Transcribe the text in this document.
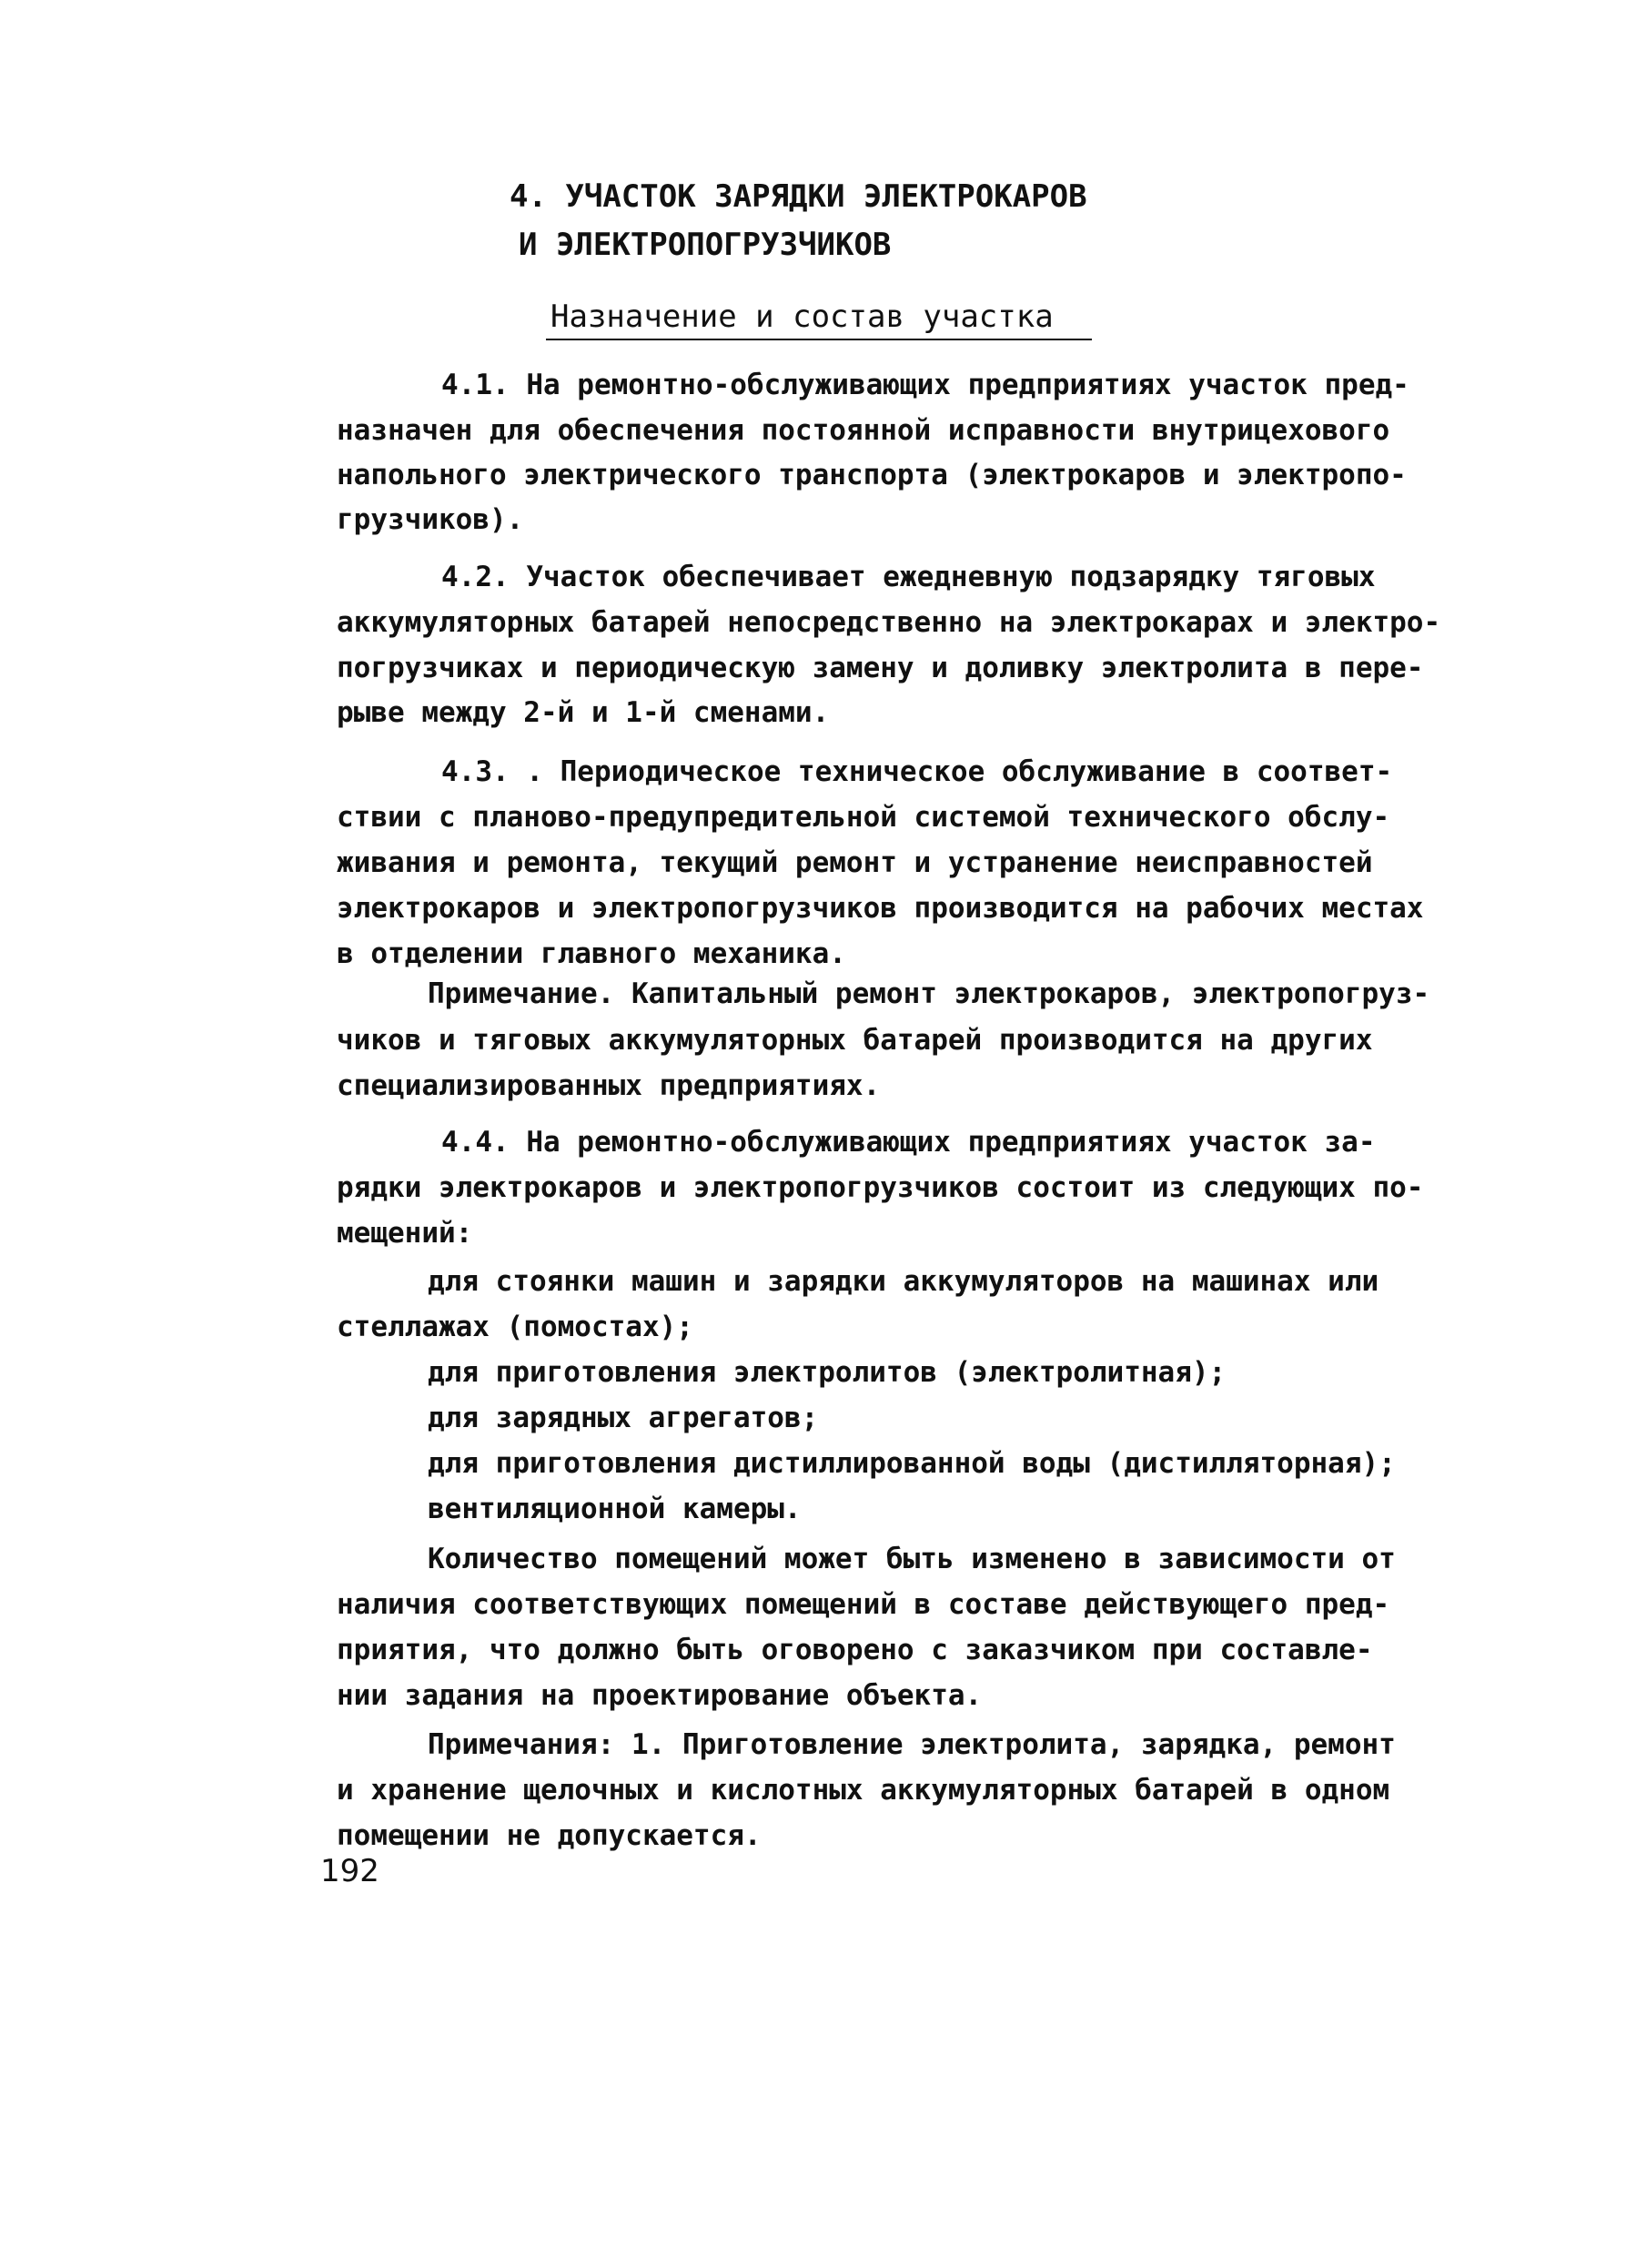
4. УЧАСТОК ЗАРЯДКИ ЭЛЕКТРОКАРОВ
И ЭЛЕКТРОПОГРУЗЧИКОВ
Назначение и состав участка
4.1. На ремонтно-обслуживающих предприятиях участок пред-
назначен для обеспечения постоянной исправности внутрицехового
напольного электрического транспорта (электрокаров и электропо-
грузчиков).
4.2. Участок обеспечивает ежедневную подзарядку тяговых
аккумуляторных батарей непосредственно на электрокарах и электро-
погрузчиках и периодическую замену и доливку электролита в пере-
рыве между 2-й и 1-й сменами.
4.3. . Периодическое техническое обслуживание в соответ-
ствии с планово-предупредительной системой технического обслу-
живания и ремонта, текущий ремонт и устранение неисправностей
электрокаров и электропогрузчиков производится на рабочих местах
в отделении главного механика.
Примечание. Капитальный ремонт электрокаров, электропогруз-
чиков и тяговых аккумуляторных батарей производится на других
специализированных предприятиях.
4.4. На ремонтно-обслуживающих предприятиях участок за-
рядки электрокаров и электропогрузчиков состоит из следующих по-
мещений:
для стоянки машин и зарядки аккумуляторов на машинах или
стеллажах (помостах);
для приготовления электролитов (электролитная);
для зарядных агрегатов;
для приготовления дистиллированной воды (дистилляторная);
вентиляционной камеры.
Количество помещений может быть изменено в зависимости от
наличия соответствующих помещений в составе действующего пред-
приятия, что должно быть оговорено с заказчиком при составле-
нии задания на проектирование объекта.
Примечания: 1. Приготовление электролита, зарядка, ремонт
и хранение щелочных и кислотных аккумуляторных батарей в одном
помещении не допускается.
192
